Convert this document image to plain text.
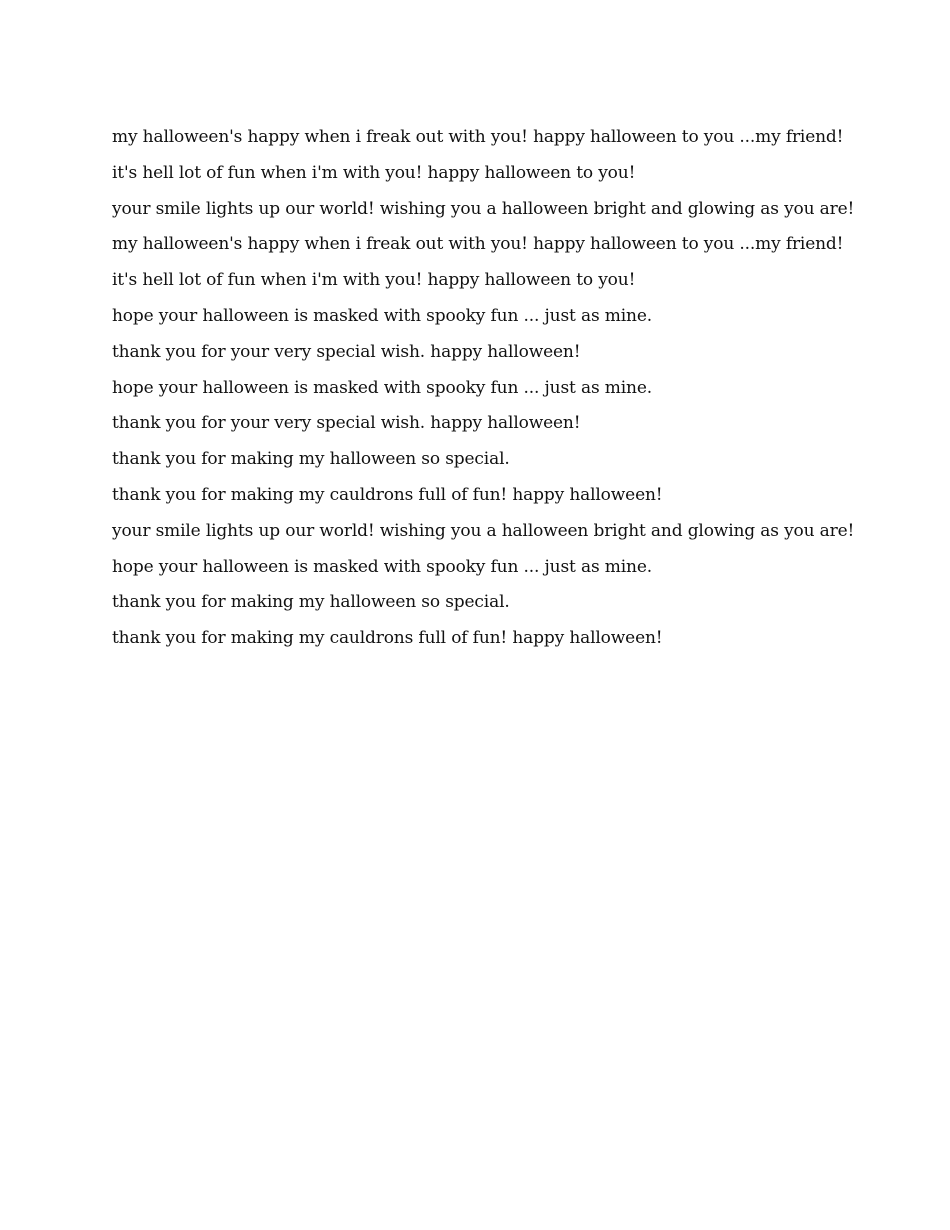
my halloween's happy when i freak out with you! happy halloween to you ...my friend!
it's hell lot of fun when i'm with you! happy halloween to you!
your smile lights up our world! wishing you a halloween bright and glowing as you are!
my halloween's happy when i freak out with you! happy halloween to you ...my friend!
it's hell lot of fun when i'm with you! happy halloween to you!
hope your halloween is masked with spooky fun ... just as mine.
thank you for your very special wish. happy halloween!
hope your halloween is masked with spooky fun ... just as mine.
thank you for your very special wish. happy halloween!
thank you for making my halloween so special.
thank you for making my cauldrons full of fun! happy halloween!
your smile lights up our world! wishing you a halloween bright and glowing as you are!
hope your halloween is masked with spooky fun ... just as mine.
thank you for making my halloween so special.
thank you for making my cauldrons full of fun! happy halloween!
